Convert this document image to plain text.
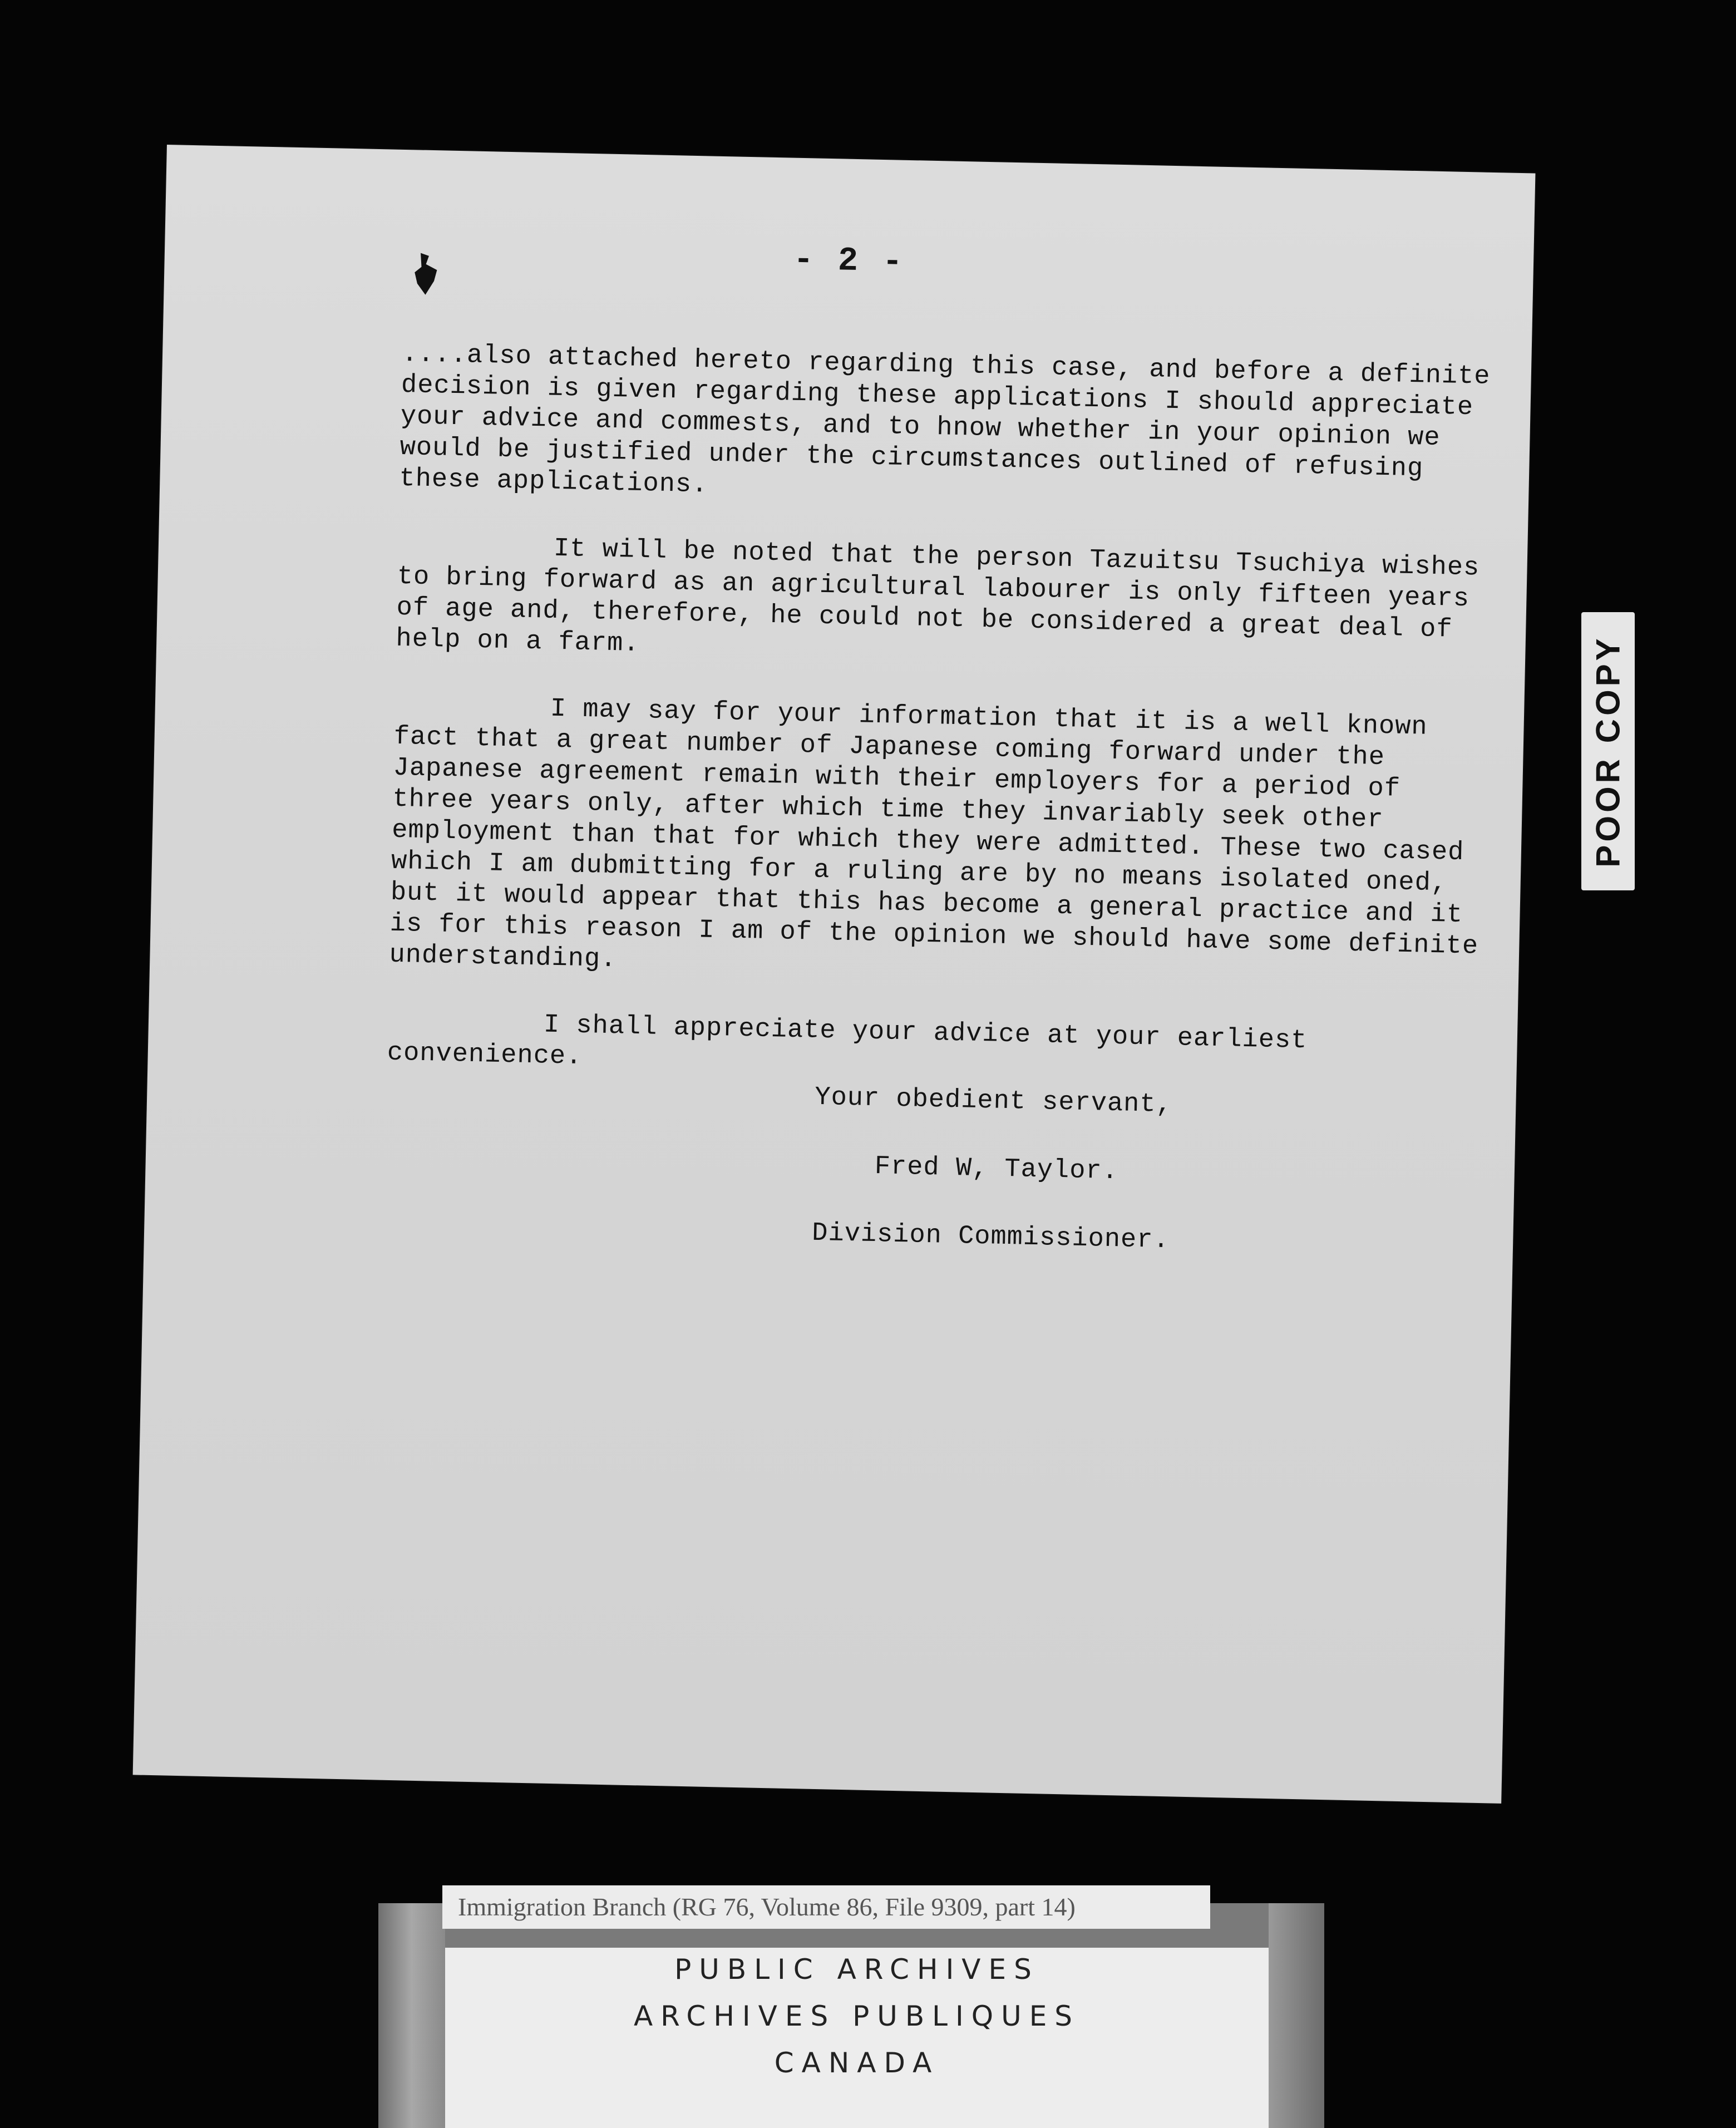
- 2 -

....also attached hereto regarding this case, and before a definite decision is given regarding these applications I should appreciate your advice and commests, and to hnow whether in your opinion we would be justified under the circumstances outlined of refusing these applications.

It will be noted that the person Tazuitsu Tsuchiya wishes to bring forward as an agricultural labourer is only fifteen years of age and, therefore, he could not be considered a great deal of help on a farm.

I may say for your information that it is a well known fact that a great number of Japanese coming forward under the Japanese agreement remain with their employers for a period of three years only, after which time they invariably seek other employment than that for which they were admitted. These two cased which I am dubmitting for a ruling are by no means isolated oned, but it would appear that this has become a general practice and it is for this reason I am of the opinion we should have some definite understanding.

I shall appreciate your advice at your earliest convenience.

Your obedient servant,
Fred W, Taylor.
Division Commissioner.
POOR COPY
Immigration Branch (RG 76, Volume 86, File 9309, part 14)
PUBLIC ARCHIVES
ARCHIVES PUBLIQUES
CANADA
